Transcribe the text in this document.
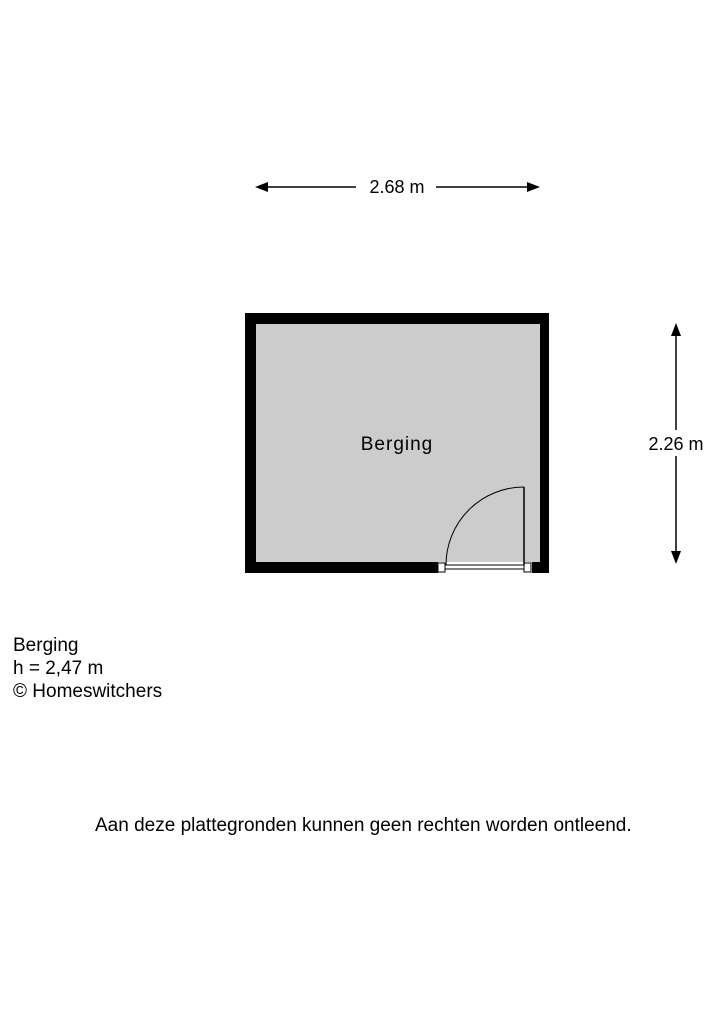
2.68 m
2.26 m
Berging
Berging
h = 2,47 m
© Homeswitchers
Aan deze plattegronden kunnen geen rechten worden ontleend.
